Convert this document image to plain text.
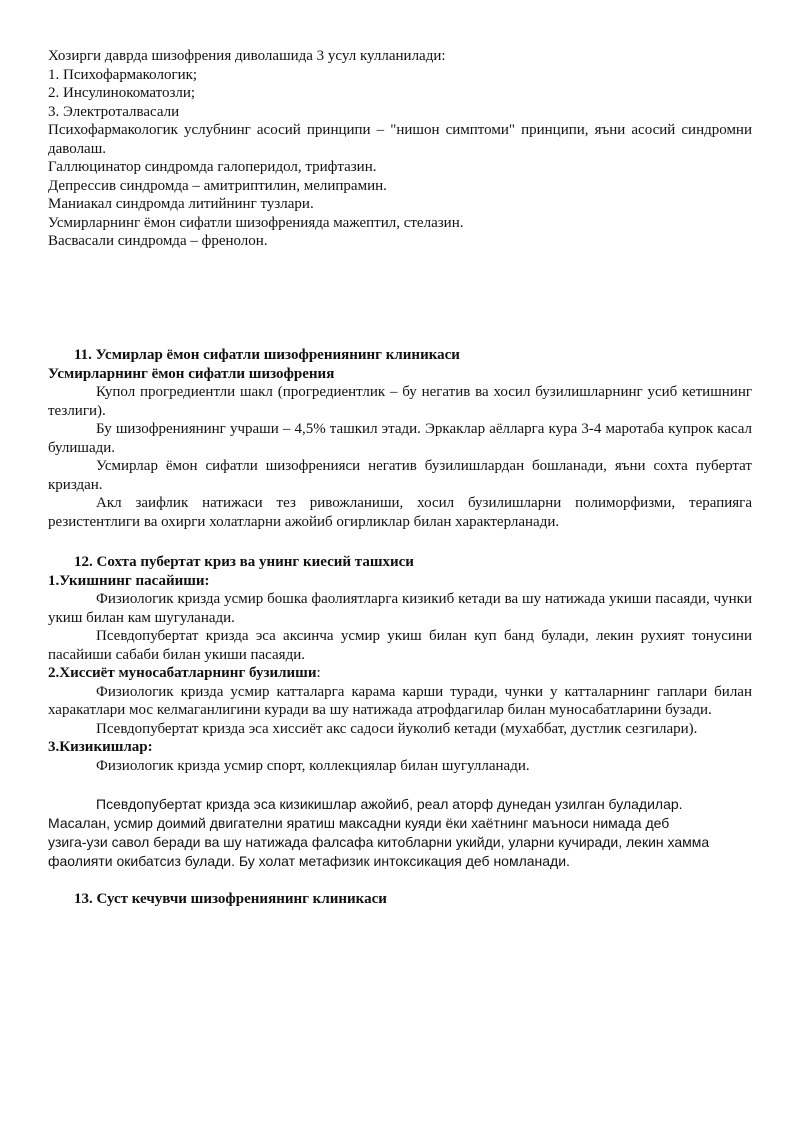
Хозирги даврда шизофрения диволашида 3 усул кулланилади:
1. Психофармакологик;
2. Инсулинокоматозли;
3. Электроталвасали
Психофармакологик услубнинг асосий принципи – "нишон симптоми" принципи, яъни асосий синдромни даволаш.
Галлюцинатор синдромда галоперидол, трифтазин.
Депрессив синдромда – амитриптилин, мелипрамин.
Маниакал синдромда литийнинг тузлари.
Усмирларнинг ёмон сифатли шизофренияда мажептил, стелазин.
Васвасали синдромда – френолон.
11. Усмирлар ёмон сифатли шизофрениянинг клиникаси
Усмирларнинг ёмон сифатли шизофрения
Купол прогредиентли шакл (прогредиентлик – бу негатив ва хосил бузилишларнинг усиб кетишнинг тезлиги).
Бу шизофрениянинг учраши – 4,5% ташкил этади. Эркаклар аёлларга кура 3-4 маротаба купрок касал булишади.
Усмирлар ёмон сифатли шизофренияси негатив бузилишлардан бошланади, яъни сохта пубертат криздан.
Акл заифлик натижаси тез ривожланиши, хосил бузилишларни полиморфизми, терапияга резистентлиги ва охирги холатларни ажойиб огирликлар билан характерланади.
12. Сохта пубертат криз ва унинг киесий ташхиси
1.Укишнинг пасайиши:
Физиологик кризда усмир бошка фаолиятларга кизикиб кетади ва шу натижада укиши пасаяди, чунки укиш билан кам шугуланади.
Псевдопубертат кризда эса аксинча усмир укиш билан куп банд булади, лекин рухият тонусини пасайиши сабаби билан укиши пасаяди.
2.Хиссиёт муносабатларнинг бузилиши:
Физиологик кризда усмир катталарга карама карши туради, чунки у катталарнинг гаплари билан харакатлари мос келмаганлигини куради ва шу натижада атрофдагилар билан муносабатларини бузади.
Псевдопубертат кризда эса хиссиёт акс садоси йуколиб кетади (мухаббат, дустлик сезгилари).
3.Кизикишлар:
Физиологик кризда усмир спорт, коллекциялар билан шугулланади.
Псевдопубертат кризда эса кизикишлар ажойиб, реал аторф дунедан узилган буладилар.
Масалан, усмир доимий двигателни яратиш максадни куяди ёки хаётнинг маъноси нимада деб
узига-узи савол беради ва шу натижада фалсафа китобларни укийди, уларни кучиради, лекин хамма
фаолияти окибатсиз булади. Бу холат метафизик интоксикация деб номланади.
13. Суст кечувчи шизофрениянинг клиникаси
